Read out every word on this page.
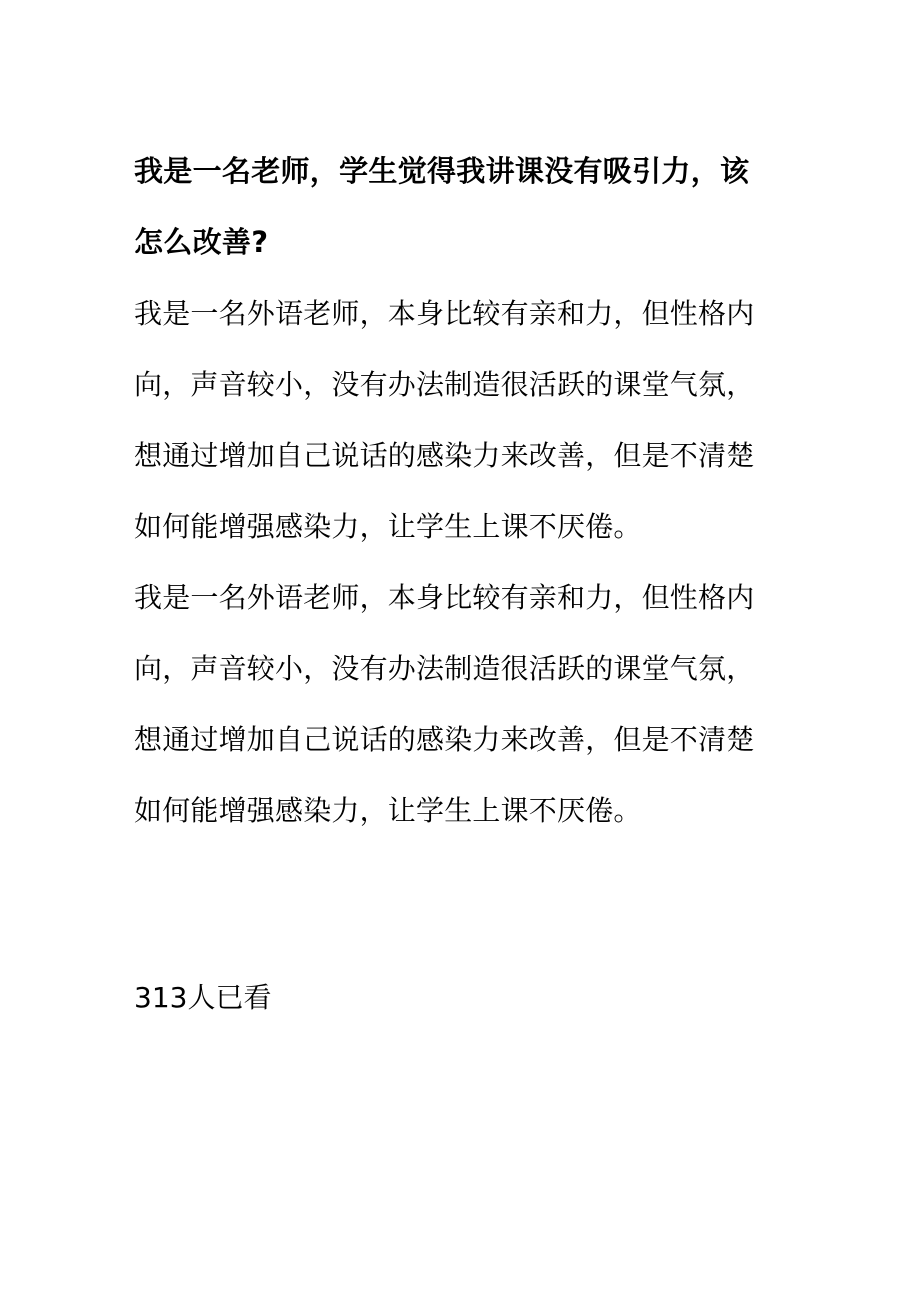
我是一名老师，学生觉得我讲课没有吸引力，该怎么改善?

我是一名外语老师，本身比较有亲和力，但性格内向，声音较小，没有办法制造很活跃的课堂气氛，想通过增加自己说话的感染力来改善，但是不清楚如何能增强感染力，让学生上课不厌倦。

我是一名外语老师，本身比较有亲和力，但性格内向，声音较小，没有办法制造很活跃的课堂气氛，想通过增加自己说话的感染力来改善，但是不清楚如何能增强感染力，让学生上课不厌倦。

313人已看
